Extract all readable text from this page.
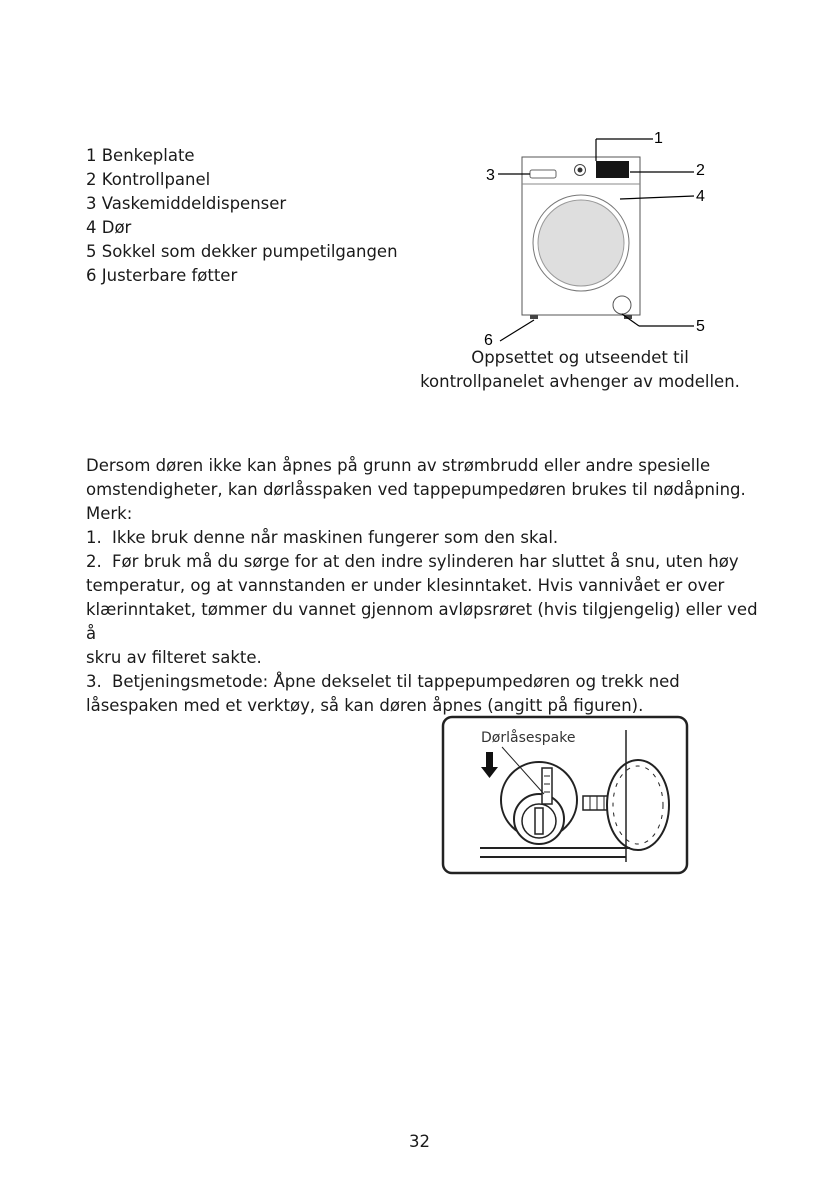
1 Benkeplate
2 Kontrollpanel
3 Vaskemiddeldispenser
4 Dør
5 Sokkel som dekker pumpetilgangen
6 Justerbare føtter
1
2
3
4
5
6
Oppsettet og utseendet til
kontrollpanelet avhenger av modellen.

Dersom døren ikke kan åpnes på grunn av strømbrudd eller andre spesielle

omstendigheter, kan dørlåsspaken ved tappepumpedøren brukes til nødåpning.

Merk:

1. Ikke bruk denne når maskinen fungerer som den skal.

2. Før bruk må du sørge for at den indre sylinderen har sluttet å snu, uten høy

temperatur, og at vannstanden er under klesinntaket. Hvis vannivået er over

klærinntaket, tømmer du vannet gjennom avløpsrøret (hvis tilgjengelig) eller ved å

skru av filteret sakte.

3. Betjeningsmetode: Åpne dekselet til tappepumpedøren og trekk ned

låsespaken med et verktøy, så kan døren åpnes (angitt på figuren).

Dørlåsespake
32
